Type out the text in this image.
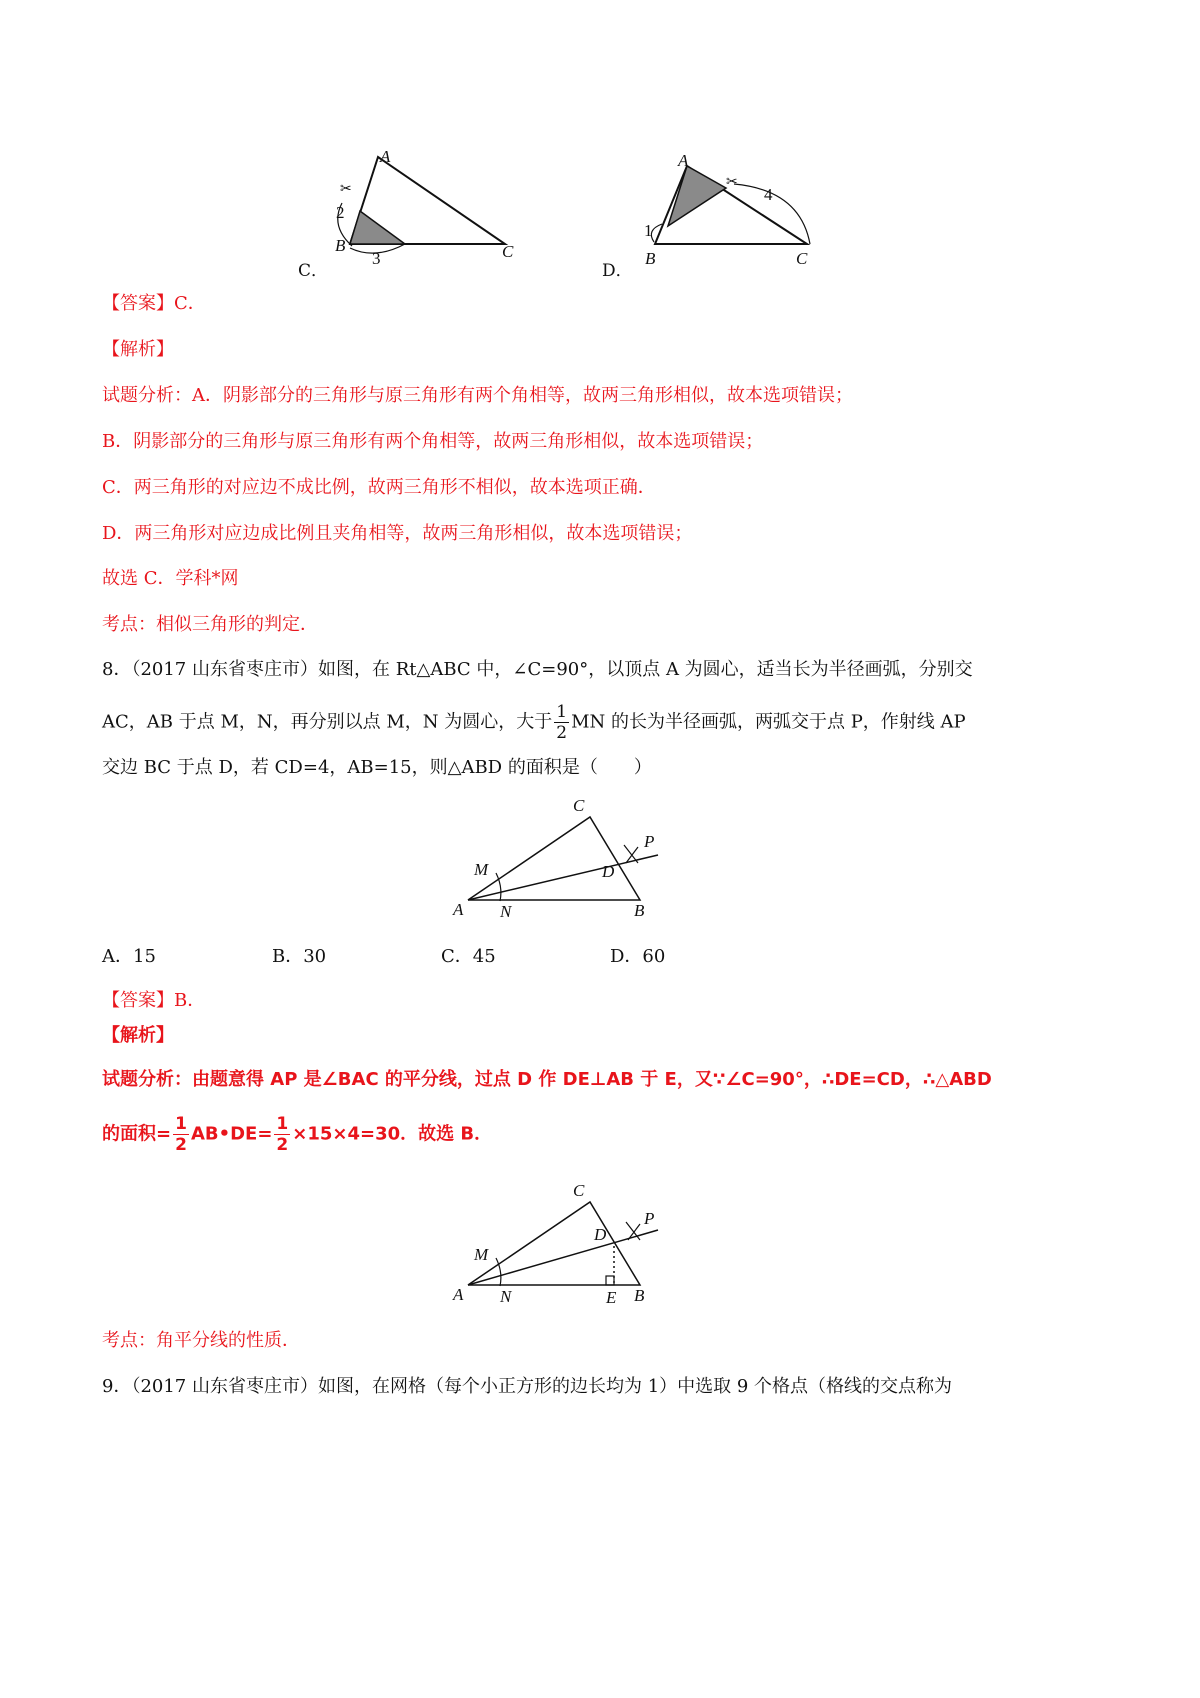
A
B	C
2
3
✂
C．
A
B	C
1
4
✂
D．
【答案】C．
【解析】
试题分析：A．阴影部分的三角形与原三角形有两个角相等，故两三角形相似，故本选项错误；
B．阴影部分的三角形与原三角形有两个角相等，故两三角形相似，故本选项错误；
C．两三角形的对应边不成比例，故两三角形不相似，故本选项正确．
D．两三角形对应边成比例且夹角相等，故两三角形相似，故本选项错误；
故选 C．学科*网
考点：相似三角形的判定．
8．（2017 山东省枣庄市）如图，在 Rt△ABC 中，∠C=90°，以顶点 A 为圆心，适当长为半径画弧，分别交
AC，AB 于点 M，N，再分别以点 M，N 为圆心，大于 $\frac{1}{2}$ MN 的长为半径画弧，两弧交于点 P，作射线 AP
交边 BC 于点 D，若 CD=4，AB=15，则△ABD 的面积是（　　）
C
P
M	D
A N	B
A．15	B．30	C．45	D．60
【答案】B．
【解析】
试题分析：由题意得 AP 是∠BAC 的平分线，过点 D 作 DE⊥AB 于 E，又∵∠C=90°，∴DE=CD，∴△ABD
的面积= $\frac{1}{2}$ AB•DE= $\frac{1}{2} \times 15\times 4=30$．故选 B．
C
P
M
D
A N	E B
考点：角平分线的性质．
9．（2017 山东省枣庄市）如图，在网格（每个小正方形的边长均为 1）中选取 9 个格点（格线的交点称为
